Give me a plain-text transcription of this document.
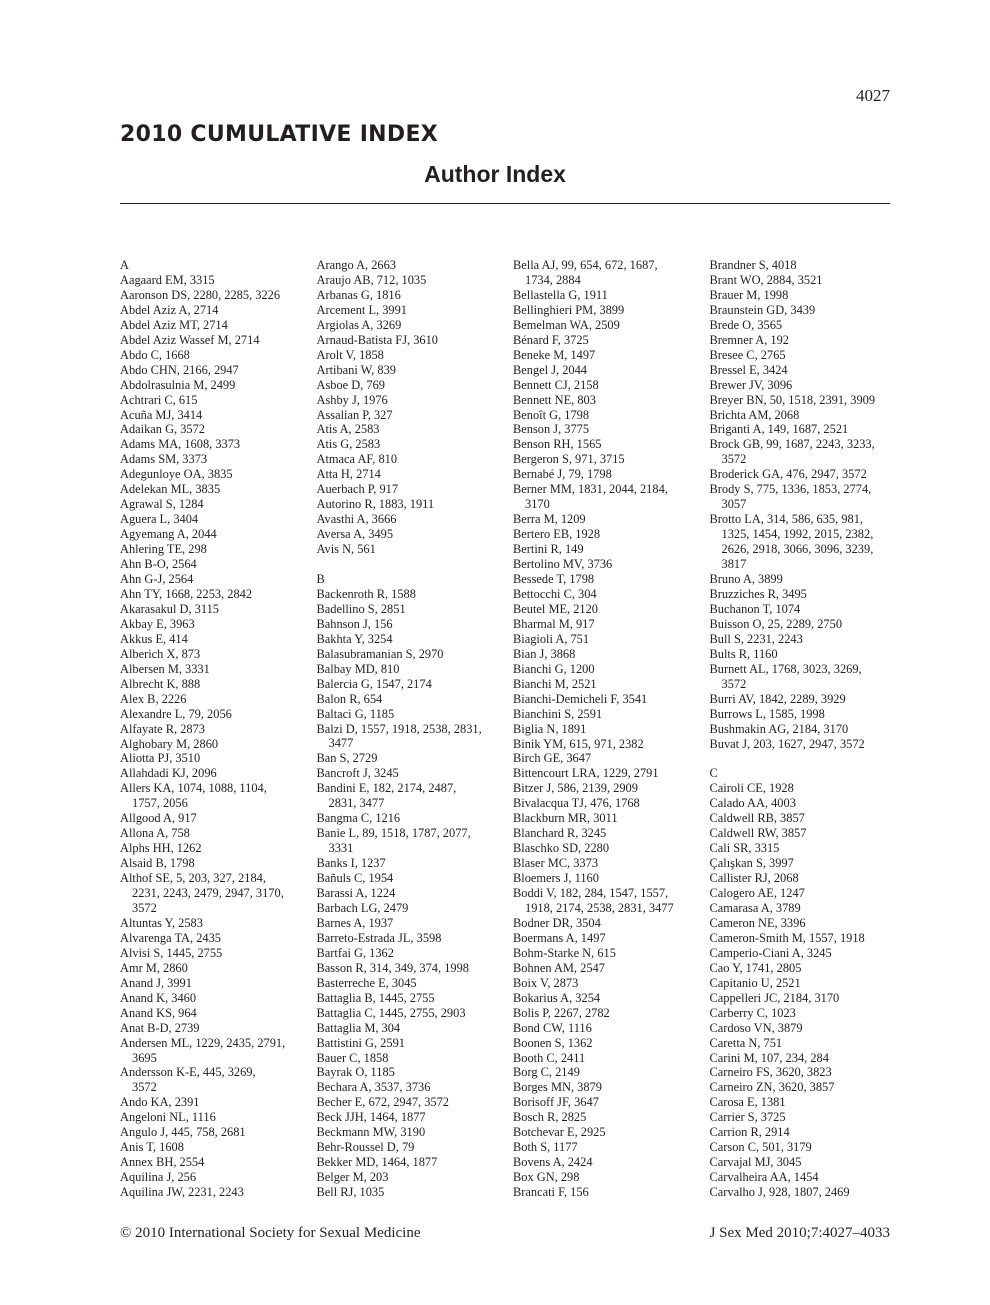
4027
2010 CUMULATIVE INDEX
Author Index
A
Aagaard EM, 3315
Aaronson DS, 2280, 2285, 3226
Abdel Aziz A, 2714
Abdel Aziz MT, 2714
Abdel Aziz Wassef M, 2714
Abdo C, 1668
Abdo CHN, 2166, 2947
Abdolrasulnia M, 2499
Achtrari C, 615
Acuña MJ, 3414
Adaikan G, 3572
Adams MA, 1608, 3373
Adams SM, 3373
Adegunloye OA, 3835
Adelekan ML, 3835
Agrawal S, 1284
Aguera L, 3404
Agyemang A, 2044
Ahlering TE, 298
Ahn B-O, 2564
Ahn G-J, 2564
Ahn TY, 1668, 2253, 2842
Akarasakul D, 3115
Akbay E, 3963
Akkus E, 414
Alberich X, 873
Albersen M, 3331
Albrecht K, 888
Alex B, 2226
Alexandre L, 79, 2056
Alfayate R, 2873
Alghobary M, 2860
Aliotta PJ, 3510
Allahdadi KJ, 2096
Allers KA, 1074, 1088, 1104,
1757, 2056
Allgood A, 917
Allona A, 758
Alphs HH, 1262
Alsaid B, 1798
Althof SE, 5, 203, 327, 2184,
2231, 2243, 2479, 2947, 3170,
3572
Altuntas Y, 2583
Alvarenga TA, 2435
Alvisi S, 1445, 2755
Amr M, 2860
Anand J, 3991
Anand K, 3460
Anand KS, 964
Anat B-D, 2739
Andersen ML, 1229, 2435, 2791,
3695
Andersson K-E, 445, 3269,
3572
Ando KA, 2391
Angeloni NL, 1116
Angulo J, 445, 758, 2681
Anis T, 1608
Annex BH, 2554
Aquilina J, 256
Aquilina JW, 2231, 2243
Arango A, 2663
Araujo AB, 712, 1035
Arbanas G, 1816
Arcement L, 3991
Argiolas A, 3269
Arnaud-Batista FJ, 3610
Arolt V, 1858
Artibani W, 839
Asboe D, 769
Ashby J, 1976
Assalian P, 327
Atis A, 2583
Atis G, 2583
Atmaca AF, 810
Atta H, 2714
Auerbach P, 917
Autorino R, 1883, 1911
Avasthi A, 3666
Aversa A, 3495
Avis N, 561
B
Backenroth R, 1588
Badellino S, 2851
Bahnson J, 156
Bakhta Y, 3254
Balasubramanian S, 2970
Balbay MD, 810
Balercia G, 1547, 2174
Balon R, 654
Baltaci G, 1185
Balzi D, 1557, 1918, 2538, 2831,
3477
Ban S, 2729
Bancroft J, 3245
Bandini E, 182, 2174, 2487,
2831, 3477
Bangma C, 1216
Banie L, 89, 1518, 1787, 2077,
3331
Banks I, 1237
Bañuls C, 1954
Barassi A, 1224
Barbach LG, 2479
Barnes A, 1937
Barreto-Estrada JL, 3598
Bartfai G, 1362
Basson R, 314, 349, 374, 1998
Basterreche E, 3045
Battaglia B, 1445, 2755
Battaglia C, 1445, 2755, 2903
Battaglia M, 304
Battistini G, 2591
Bauer C, 1858
Bayrak O, 1185
Bechara A, 3537, 3736
Becher E, 672, 2947, 3572
Beck JJH, 1464, 1877
Beckmann MW, 3190
Behr-Roussel D, 79
Bekker MD, 1464, 1877
Belger M, 203
Bell RJ, 1035
Bella AJ, 99, 654, 672, 1687,
1734, 2884
Bellastella G, 1911
Bellinghieri PM, 3899
Bemelman WA, 2509
Bénard F, 3725
Beneke M, 1497
Bengel J, 2044
Bennett CJ, 2158
Bennett NE, 803
Benoît G, 1798
Benson J, 3775
Benson RH, 1565
Bergeron S, 971, 3715
Bernabé J, 79, 1798
Berner MM, 1831, 2044, 2184,
3170
Berra M, 1209
Bertero EB, 1928
Bertini R, 149
Bertolino MV, 3736
Bessede T, 1798
Bettocchi C, 304
Beutel ME, 2120
Bharmal M, 917
Biagioli A, 751
Bian J, 3868
Bianchi G, 1200
Bianchi M, 2521
Bianchi-Demicheli F, 3541
Bianchini S, 2591
Biglia N, 1891
Binik YM, 615, 971, 2382
Birch GE, 3647
Bittencourt LRA, 1229, 2791
Bitzer J, 586, 2139, 2909
Bivalacqua TJ, 476, 1768
Blackburn MR, 3011
Blanchard R, 3245
Blaschko SD, 2280
Blaser MC, 3373
Bloemers J, 1160
Boddi V, 182, 284, 1547, 1557,
1918, 2174, 2538, 2831, 3477
Bodner DR, 3504
Boermans A, 1497
Bohm-Starke N, 615
Bohnen AM, 2547
Boix V, 2873
Bokarius A, 3254
Bolis P, 2267, 2782
Bond CW, 1116
Boonen S, 1362
Booth C, 2411
Borg C, 2149
Borges MN, 3879
Borisoff JF, 3647
Bosch R, 2825
Botchevar E, 2925
Both S, 1177
Bovens A, 2424
Box GN, 298
Brancati F, 156
Brandner S, 4018
Brant WO, 2884, 3521
Brauer M, 1998
Braunstein GD, 3439
Brede O, 3565
Bremner A, 192
Bresee C, 2765
Bressel E, 3424
Brewer JV, 3096
Breyer BN, 50, 1518, 2391, 3909
Brichta AM, 2068
Briganti A, 149, 1687, 2521
Brock GB, 99, 1687, 2243, 3233,
3572
Broderick GA, 476, 2947, 3572
Brody S, 775, 1336, 1853, 2774,
3057
Brotto LA, 314, 586, 635, 981,
1325, 1454, 1992, 2015, 2382,
2626, 2918, 3066, 3096, 3239,
3817
Bruno A, 3899
Bruzziches R, 3495
Buchanon T, 1074
Buisson O, 25, 2289, 2750
Bull S, 2231, 2243
Bults R, 1160
Burnett AL, 1768, 3023, 3269,
3572
Burri AV, 1842, 2289, 3929
Burrows L, 1585, 1998
Bushmakin AG, 2184, 3170
Buvat J, 203, 1627, 2947, 3572
C
Cairoli CE, 1928
Calado AA, 4003
Caldwell RB, 3857
Caldwell RW, 3857
Cali SR, 3315
Çalışkan S, 3997
Callister RJ, 2068
Calogero AE, 1247
Camarasa A, 3789
Cameron NE, 3396
Cameron-Smith M, 1557, 1918
Camperio-Ciani A, 3245
Cao Y, 1741, 2805
Capitanio U, 2521
Cappelleri JC, 2184, 3170
Carberry C, 1023
Cardoso VN, 3879
Caretta N, 751
Carini M, 107, 234, 284
Carneiro FS, 3620, 3823
Carneiro ZN, 3620, 3857
Carosa E, 1381
Carrier S, 3725
Carrion R, 2914
Carson C, 501, 3179
Carvajal MJ, 3045
Carvalheira AA, 1454
Carvalho J, 928, 1807, 2469
© 2010 International Society for Sexual Medicine	J Sex Med 2010;7:4027–4033
